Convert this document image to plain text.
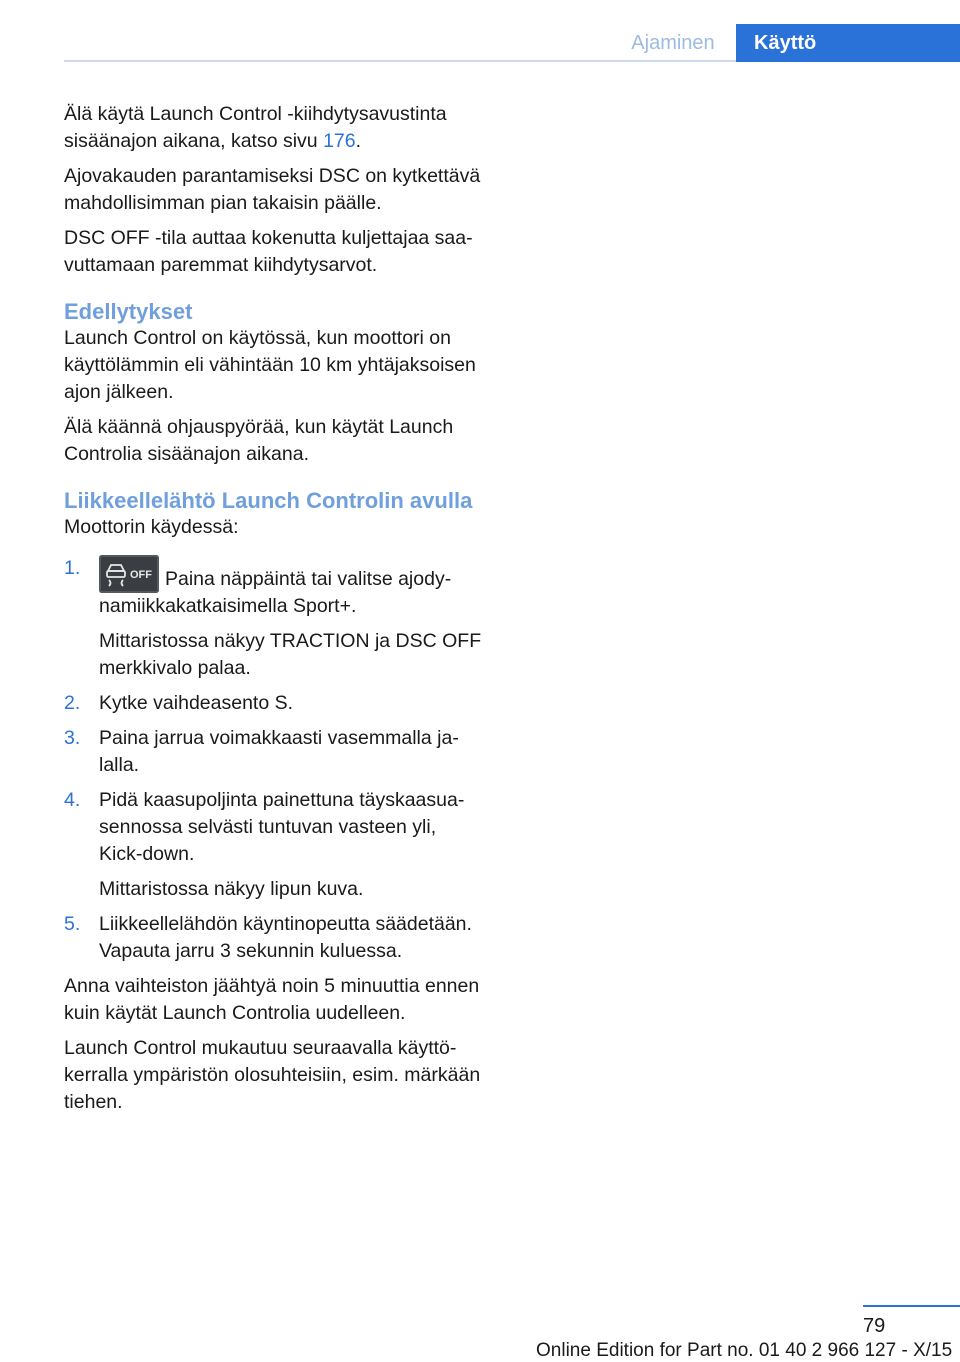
Ajaminen	Käyttö

Älä käytä Launch Control -kiihdytysavustinta sisäänajon aikana, katso sivu 176.

Ajovakauden parantamiseksi DSC on kytkettävä mahdollisimman pian takaisin päälle.

DSC OFF -tila auttaa kokenutta kuljettajaa saavuttamaan paremmat kiihdytysarvot.

Edellytykset

Launch Control on käytössä, kun moottori on käyttölämmin eli vähintään 10 km yhtäjaksoisen ajon jälkeen.

Älä käännä ohjauspyörää, kun käytät Launch Controlia sisäänajon aikana.

Liikkeellelähtö Launch Controlin avulla

Moottorin käydessä:

1.	OFF Paina näppäintä tai valitse ajodynamiikkakatkaisimella Sport+.

Mittaristossa näkyy TRACTION ja DSC OFF merkkivalo palaa.

2. Kytke vaihdeasento S.

3. Paina jarrua voimakkaasti vasemmalla jalalla.

4. Pidä kaasupoljinta painettuna täyskaasuasennossa selvästi tuntuvan vasteen yli, Kick-down.

Mittaristossa näkyy lipun kuva.

5. Liikkeellelähdön käyntinopeutta säädetään. Vapauta jarru 3 sekunnin kuluessa.

Anna vaihteiston jäähtyä noin 5 minuuttia ennen kuin käytät Launch Controlia uudelleen.

Launch Control mukautuu seuraavalla käyttökerralla ympäristön olosuhteisiin, esim. märkään tiehen.

79
Online Edition for Part no. 01 40 2 966 127 - X/15
